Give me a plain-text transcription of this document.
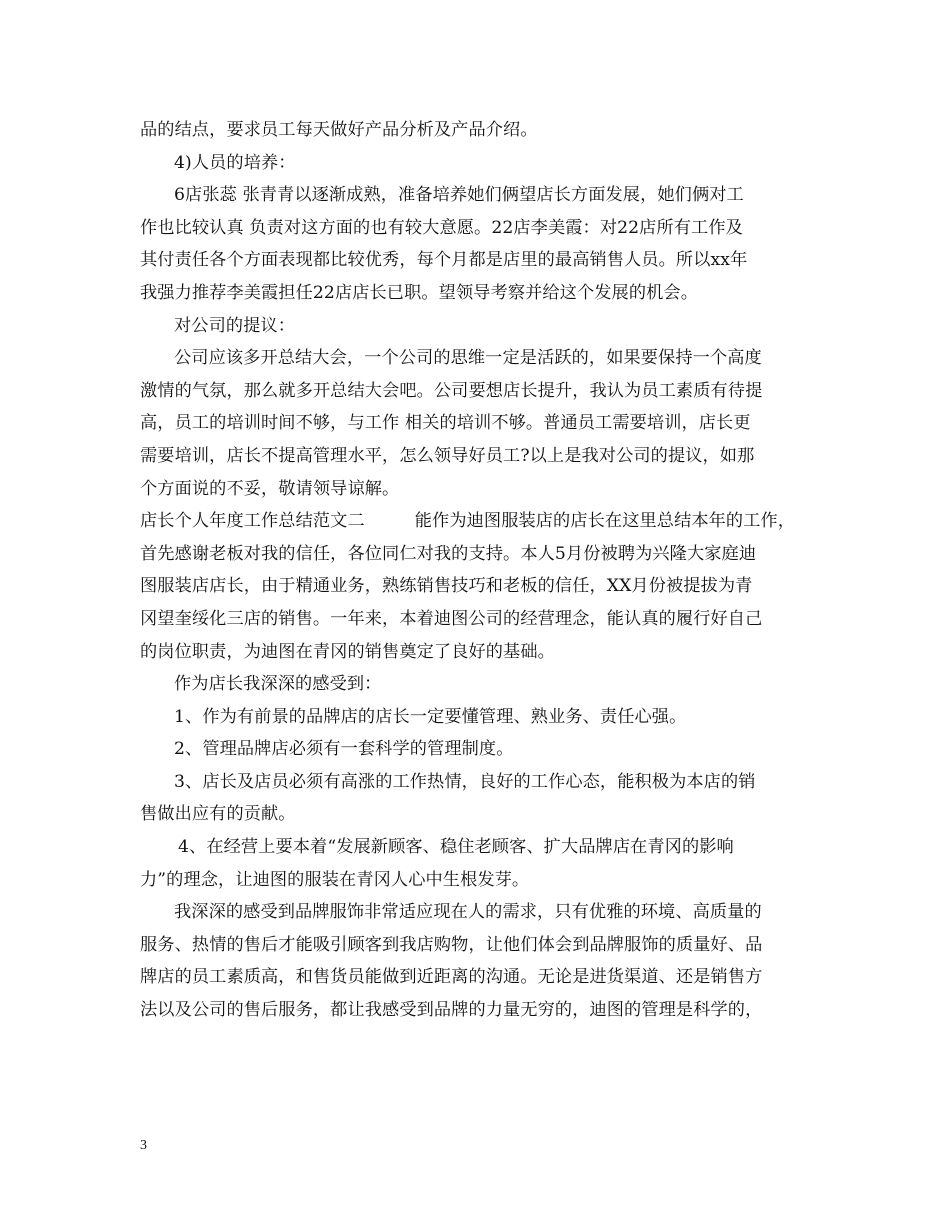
品的结点，要求员工每天做好产品分析及产品介绍。
4)人员的培养：
6店张蕊 张青青以逐渐成熟，准备培养她们俩望店长方面发展，她们俩对工
作也比较认真 负责对这方面的也有较大意愿。22店李美霞：对22店所有工作及
其付责任各个方面表现都比较优秀，每个月都是店里的最高销售人员。所以xx年
我强力推荐李美霞担任22店店长已职。望领导考察并给这个发展的机会。
对公司的提议：
公司应该多开总结大会，一个公司的思维一定是活跃的，如果要保持一个高度
激情的气氛，那么就多开总结大会吧。公司要想店长提升，我认为员工素质有待提
高，员工的培训时间不够，与工作 相关的培训不够。普通员工需要培训，店长更
需要培训，店长不提高管理水平，怎么领导好员工?以上是我对公司的提议，如那
个方面说的不妥，敬请领导谅解。
店长个人年度工作总结范文二	能作为迪图服装店的店长在这里总结本年的工作，
首先感谢老板对我的信任，各位同仁对我的支持。本人5月份被聘为兴隆大家庭迪
图服装店店长，由于精通业务，熟练销售技巧和老板的信任，XX月份被提拔为青
冈望奎绥化三店的销售。一年来，本着迪图公司的经营理念，能认真的履行好自己
的岗位职责，为迪图在青冈的销售奠定了良好的基础。
作为店长我深深的感受到：
1、作为有前景的品牌店的店长一定要懂管理、熟业务、责任心强。
2、管理品牌店必须有一套科学的管理制度。
3、店长及店员必须有高涨的工作热情，良好的工作心态，能积极为本店的销
售做出应有的贡献。
4、在经营上要本着“发展新顾客、稳住老顾客、扩大品牌店在青冈的影响
力”的理念，让迪图的服装在青冈人心中生根发芽。
我深深的感受到品牌服饰非常适应现在人的需求，只有优雅的环境、高质量的
服务、热情的售后才能吸引顾客到我店购物，让他们体会到品牌服饰的质量好、品
牌店的员工素质高，和售货员能做到近距离的沟通。无论是进货渠道、还是销售方
法以及公司的售后服务，都让我感受到品牌的力量无穷的，迪图的管理是科学的，
3
